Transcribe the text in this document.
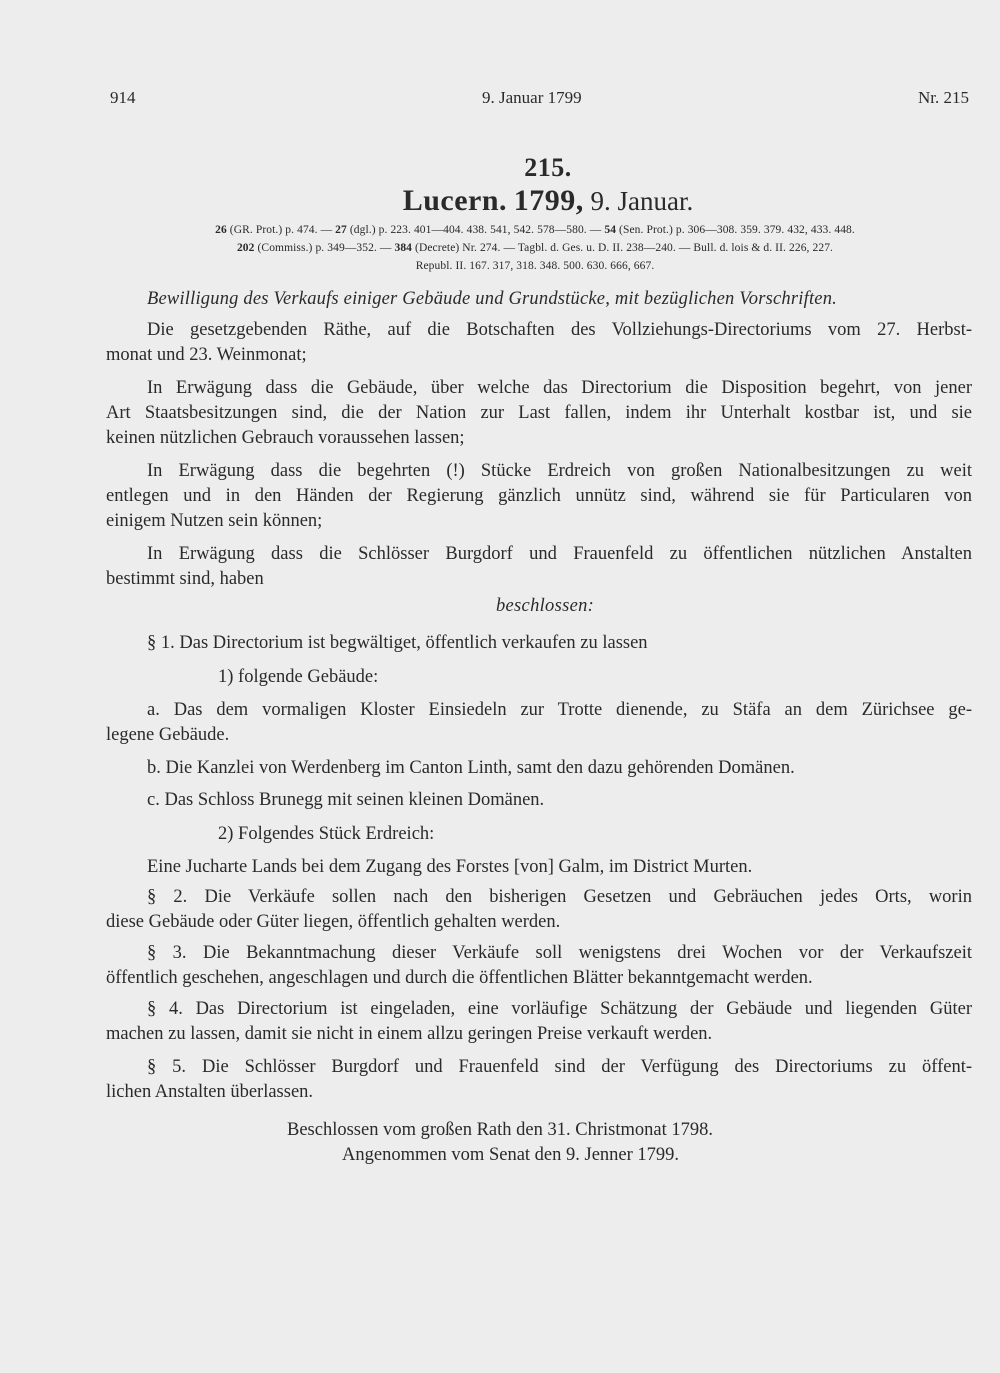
914	9. Januar 1799	Nr. 215

215.

Lucern. 1799, 9. Januar.

26 (GR. Prot.) p. 474. — 27 (dgl.) p. 223. 401—404. 438. 541, 542. 578—580. — 54 (Sen. Prot.) p. 306—308. 359. 379. 432, 433. 448.

202 (Commiss.) p. 349—352. — 384 (Decrete) Nr. 274. — Tagbl. d. Ges. u. D. II. 238—240. — Bull. d. lois & d. II. 226, 227.

Republ. II. 167. 317, 318. 348. 500. 630. 666, 667.

Bewilligung des Verkaufs einiger Gebäude und Grundstücke, mit bezüglichen Vorschriften.

Die gesetzgebenden Räthe, auf die Botschaften des Vollziehungs-Directoriums vom 27. Herbst-

monat und 23. Weinmonat;

In Erwägung dass die Gebäude, über welche das Directorium die Disposition begehrt, von jener

Art Staatsbesitzungen sind, die der Nation zur Last fallen, indem ihr Unterhalt kostbar ist, und sie

keinen nützlichen Gebrauch voraussehen lassen;

In Erwägung dass die begehrten (!) Stücke Erdreich von großen Nationalbesitzungen zu weit

entlegen und in den Händen der Regierung gänzlich unnütz sind, während sie für Particularen von

einigem Nutzen sein können;

In Erwägung dass die Schlösser Burgdorf und Frauenfeld zu öffentlichen nützlichen Anstalten

bestimmt sind, haben

beschlossen:

§ 1. Das Directorium ist begwältiget, öffentlich verkaufen zu lassen

1) folgende Gebäude:

a. Das dem vormaligen Kloster Einsiedeln zur Trotte dienende, zu Stäfa an dem Zürichsee ge-

legene Gebäude.

b. Die Kanzlei von Werdenberg im Canton Linth, samt den dazu gehörenden Domänen.

c. Das Schloss Brunegg mit seinen kleinen Domänen.

2) Folgendes Stück Erdreich:

Eine Jucharte Lands bei dem Zugang des Forstes [von] Galm, im District Murten.

§ 2. Die Verkäufe sollen nach den bisherigen Gesetzen und Gebräuchen jedes Orts, worin

diese Gebäude oder Güter liegen, öffentlich gehalten werden.

§ 3. Die Bekanntmachung dieser Verkäufe soll wenigstens drei Wochen vor der Verkaufszeit

öffentlich geschehen, angeschlagen und durch die öffentlichen Blätter bekanntgemacht werden.

§ 4. Das Directorium ist eingeladen, eine vorläufige Schätzung der Gebäude und liegenden Güter

machen zu lassen, damit sie nicht in einem allzu geringen Preise verkauft werden.

§ 5. Die Schlösser Burgdorf und Frauenfeld sind der Verfügung des Directoriums zu öffent-

lichen Anstalten überlassen.

Beschlossen vom großen Rath den 31. Christmonat 1798.

Angenommen vom Senat den 9. Jenner 1799.
